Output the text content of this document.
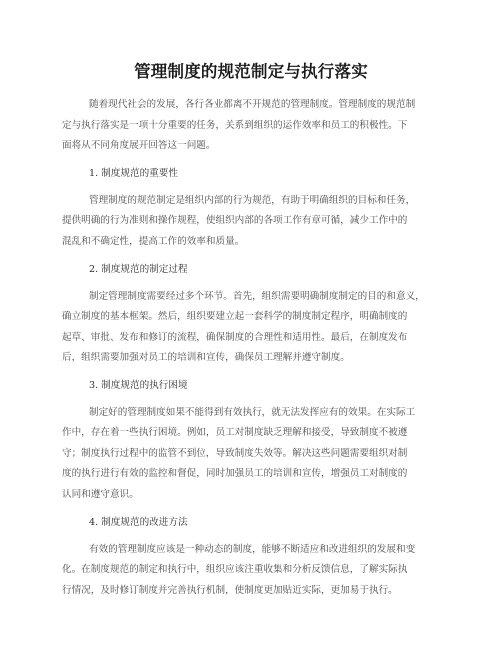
管理制度的规范制定与执行落实
随着现代社会的发展，各行各业都离不开规范的管理制度。管理制度的规范制
定与执行落实是一项十分重要的任务，关系到组织的运作效率和员工的积极性。下
面将从不同角度展开回答这一问题。
1. 制度规范的重要性
管理制度的规范制定是组织内部的行为规范，有助于明确组织的目标和任务，
提供明确的行为准则和操作规程，使组织内部的各项工作有章可循，减少工作中的
混乱和不确定性，提高工作的效率和质量。
2. 制度规范的制定过程
制定管理制度需要经过多个环节。首先，组织需要明确制度制定的目的和意义，
确立制度的基本框架。然后，组织要建立起一套科学的制度制定程序，明确制度的
起草、审批、发布和修订的流程，确保制度的合理性和适用性。最后，在制度发布
后，组织需要加强对员工的培训和宣传，确保员工理解并遵守制度。
3. 制度规范的执行困境
制定好的管理制度如果不能得到有效执行，就无法发挥应有的效果。在实际工
作中，存在着一些执行困境。例如，员工对制度缺乏理解和接受，导致制度不被遵
守；制度执行过程中的监管不到位，导致制度失效等。解决这些问题需要组织对制
度的执行进行有效的监控和督促，同时加强员工的培训和宣传，增强员工对制度的
认同和遵守意识。
4. 制度规范的改进方法
有效的管理制度应该是一种动态的制度，能够不断适应和改进组织的发展和变
化。在制度规范的制定和执行中，组织应该注重收集和分析反馈信息，了解实际执
行情况，及时修订制度并完善执行机制，使制度更加贴近实际，更加易于执行。
